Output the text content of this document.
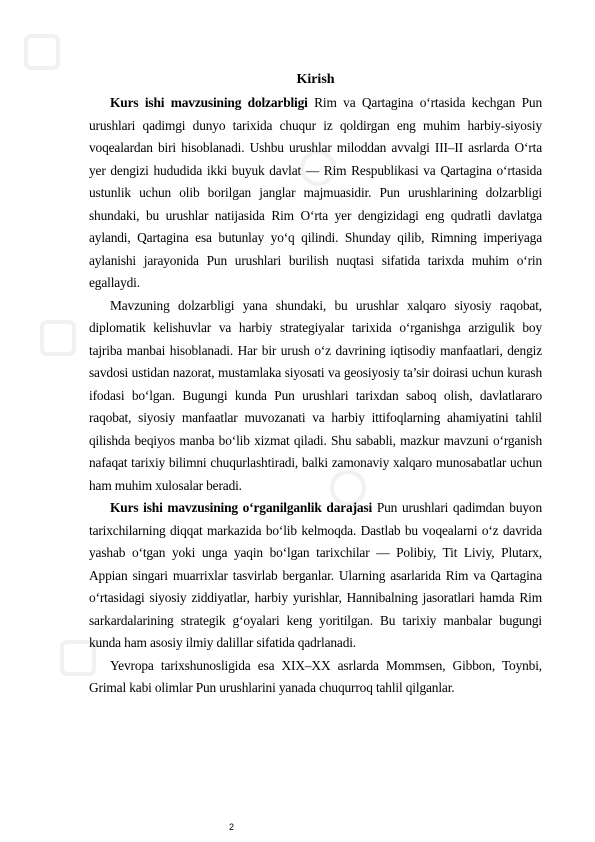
Kirish

Kurs ishi mavzusining dolzarbligi Rim va Qartagina o‘rtasida kechgan Pun urushlari qadimgi dunyo tarixida chuqur iz qoldirgan eng muhim harbiy-siyosiy voqealardan biri hisoblanadi. Ushbu urushlar miloddan avvalgi III–II asrlarda O‘rta yer dengizi hududida ikki buyuk davlat — Rim Respublikasi va Qartagina o‘rtasida ustunlik uchun olib borilgan janglar majmuasidir. Pun urushlarining dolzarbligi shundaki, bu urushlar natijasida Rim O‘rta yer dengizidagi eng qudratli davlatga aylandi, Qartagina esa butunlay yo‘q qilindi. Shunday qilib, Rimning imperiyaga aylanishi jarayonida Pun urushlari burilish nuqtasi sifatida tarixda muhim o‘rin egallaydi.

Mavzuning dolzarbligi yana shundaki, bu urushlar xalqaro siyosiy raqobat, diplomatik kelishuvlar va harbiy strategiyalar tarixida o‘rganishga arzigulik boy tajriba manbai hisoblanadi. Har bir urush o‘z davrining iqtisodiy manfaatlari, dengiz savdosi ustidan nazorat, mustamlaka siyosati va geosiyosiy ta’sir doirasi uchun kurash ifodasi bo‘lgan. Bugungi kunda Pun urushlari tarixdan saboq olish, davlatlararo raqobat, siyosiy manfaatlar muvozanati va harbiy ittifoqlarning ahamiyatini tahlil qilishda beqiyos manba bo‘lib xizmat qiladi. Shu sababli, mazkur mavzuni o‘rganish nafaqat tarixiy bilimni chuqurlashtiradi, balki zamonaviy xalqaro munosabatlar uchun ham muhim xulosalar beradi.

Kurs ishi mavzusining o‘rganilganlik darajasi Pun urushlari qadimdan buyon tarixchilarning diqqat markazida bo‘lib kelmoqda. Dastlab bu voqealarni o‘z davrida yashab o‘tgan yoki unga yaqin bo‘lgan tarixchilar — Polibiy, Tit Liviy, Plutarx, Appian singari muarrixlar tasvirlab berganlar. Ularning asarlarida Rim va Qartagina o‘rtasidagi siyosiy ziddiyatlar, harbiy yurishlar, Hannibalning jasoratlari hamda Rim sarkardalarining strategik g‘oyalari keng yoritilgan. Bu tarixiy manbalar bugungi kunda ham asosiy ilmiy dalillar sifatida qadrlanadi.

Yevropa tarixshunosligida esa XIX–XX asrlarda Mommsen, Gibbon, Toynbi, Grimal kabi olimlar Pun urushlarini yanada chuqurroq tahlil qilganlar.

2
